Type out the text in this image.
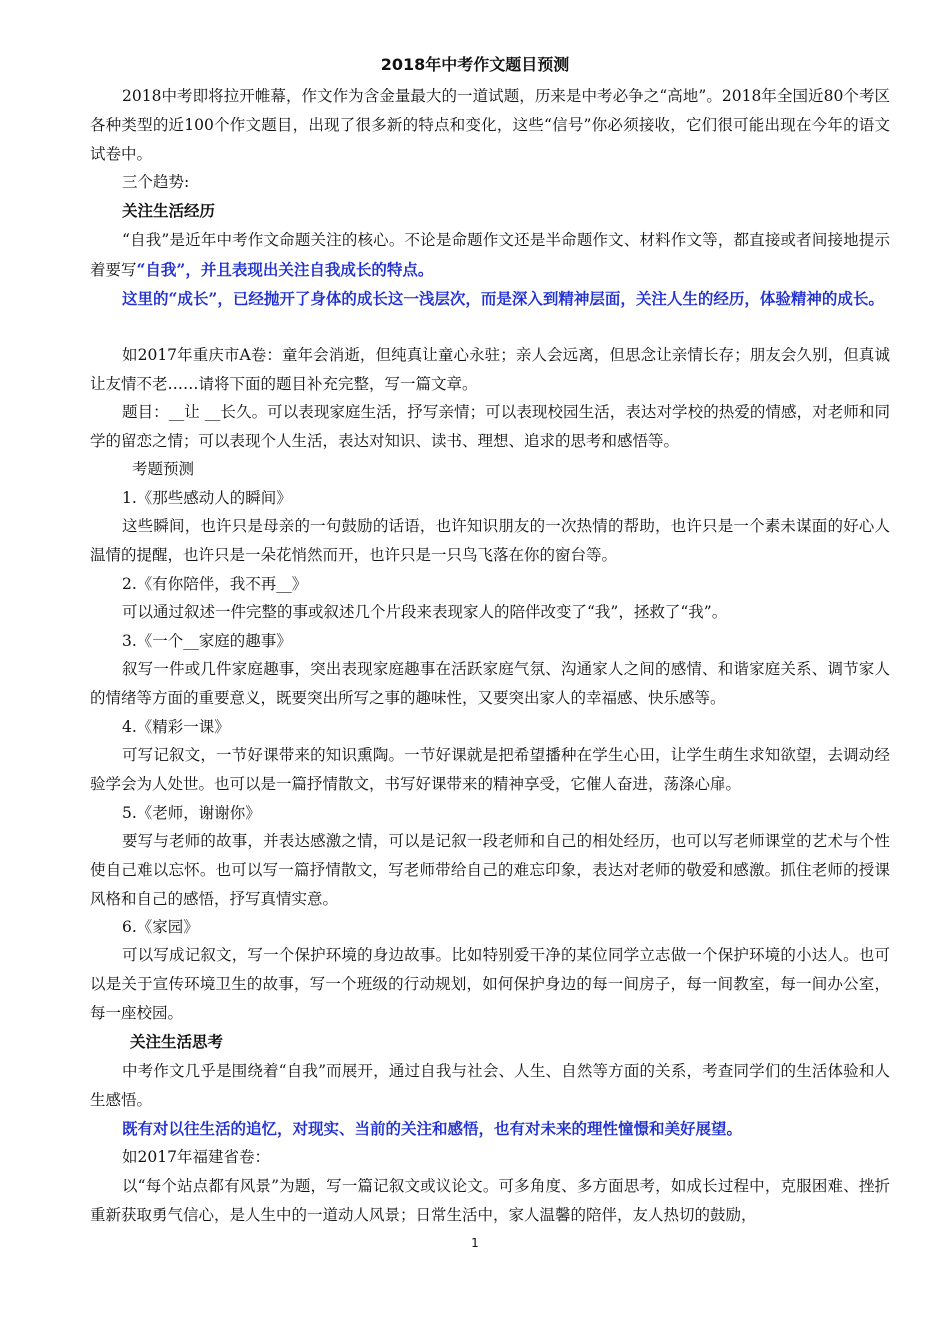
2018年中考作文题目预测

2018中考即将拉开帷幕，作文作为含金量最大的一道试题，历来是中考必争之“高地”。2018年全国近80个考区各种类型的近100个作文题目，出现了很多新的特点和变化，这些“信号”你必须接收，它们很可能出现在今年的语文试卷中。

三个趋势:

关注生活经历

“自我”是近年中考作文命题关注的核心。不论是命题作文还是半命题作文、材料作文等，都直接或者间接地提示着要写“自我”，并且表现出关注自我成长的特点。

这里的“成长”，已经抛开了身体的成长这一浅层次，而是深入到精神层面，关注人生的经历，体验精神的成长。

如2017年重庆市A卷：童年会消逝，但纯真让童心永驻；亲人会远离，但思念让亲情长存；朋友会久别，但真诚让友情不老……请将下面的题目补充完整，写一篇文章。

题目：__让 __长久。可以表现家庭生活，抒写亲情；可以表现校园生活，表达对学校的热爱的情感，对老师和同学的留恋之情；可以表现个人生活，表达对知识、读书、理想、追求的思考和感悟等。

考题预测

1.《那些感动人的瞬间》

这些瞬间，也许只是母亲的一句鼓励的话语，也许知识朋友的一次热情的帮助，也许只是一个素未谋面的好心人温情的提醒，也许只是一朵花悄然而开，也许只是一只鸟飞落在你的窗台等。

2.《有你陪伴，我不再__》

可以通过叙述一件完整的事或叙述几个片段来表现家人的陪伴改变了“我”，拯救了“我”。

3.《一个__家庭的趣事》

叙写一件或几件家庭趣事，突出表现家庭趣事在活跃家庭气氛、沟通家人之间的感情、和谐家庭关系、调节家人的情绪等方面的重要意义，既要突出所写之事的趣味性，又要突出家人的幸福感、快乐感等。

4.《精彩一课》

可写记叙文，一节好课带来的知识熏陶。一节好课就是把希望播种在学生心田，让学生萌生求知欲望，去调动经验学会为人处世。也可以是一篇抒情散文，书写好课带来的精神享受，它催人奋进，荡涤心扉。

5.《老师，谢谢你》

要写与老师的故事，并表达感激之情，可以是记叙一段老师和自己的相处经历，也可以写老师课堂的艺术与个性使自己难以忘怀。也可以写一篇抒情散文，写老师带给自己的难忘印象，表达对老师的敬爱和感激。抓住老师的授课风格和自己的感悟，抒写真情实意。

6.《家园》

可以写成记叙文，写一个保护环境的身边故事。比如特别爱干净的某位同学立志做一个保护环境的小达人。也可以是关于宣传环境卫生的故事，写一个班级的行动规划，如何保护身边的每一间房子，每一间教室，每一间办公室，每一座校园。

关注生活思考

中考作文几乎是围绕着“自我”而展开，通过自我与社会、人生、自然等方面的关系，考查同学们的生活体验和人生感悟。

既有对以往生活的追忆，对现实、当前的关注和感悟，也有对未来的理性憧憬和美好展望。

如2017年福建省卷：

以“每个站点都有风景”为题，写一篇记叙文或议论文。可多角度、多方面思考，如成长过程中，克服困难、挫折重新获取勇气信心，是人生中的一道动人风景；日常生活中，家人温馨的陪伴，友人热切的鼓励，

1
